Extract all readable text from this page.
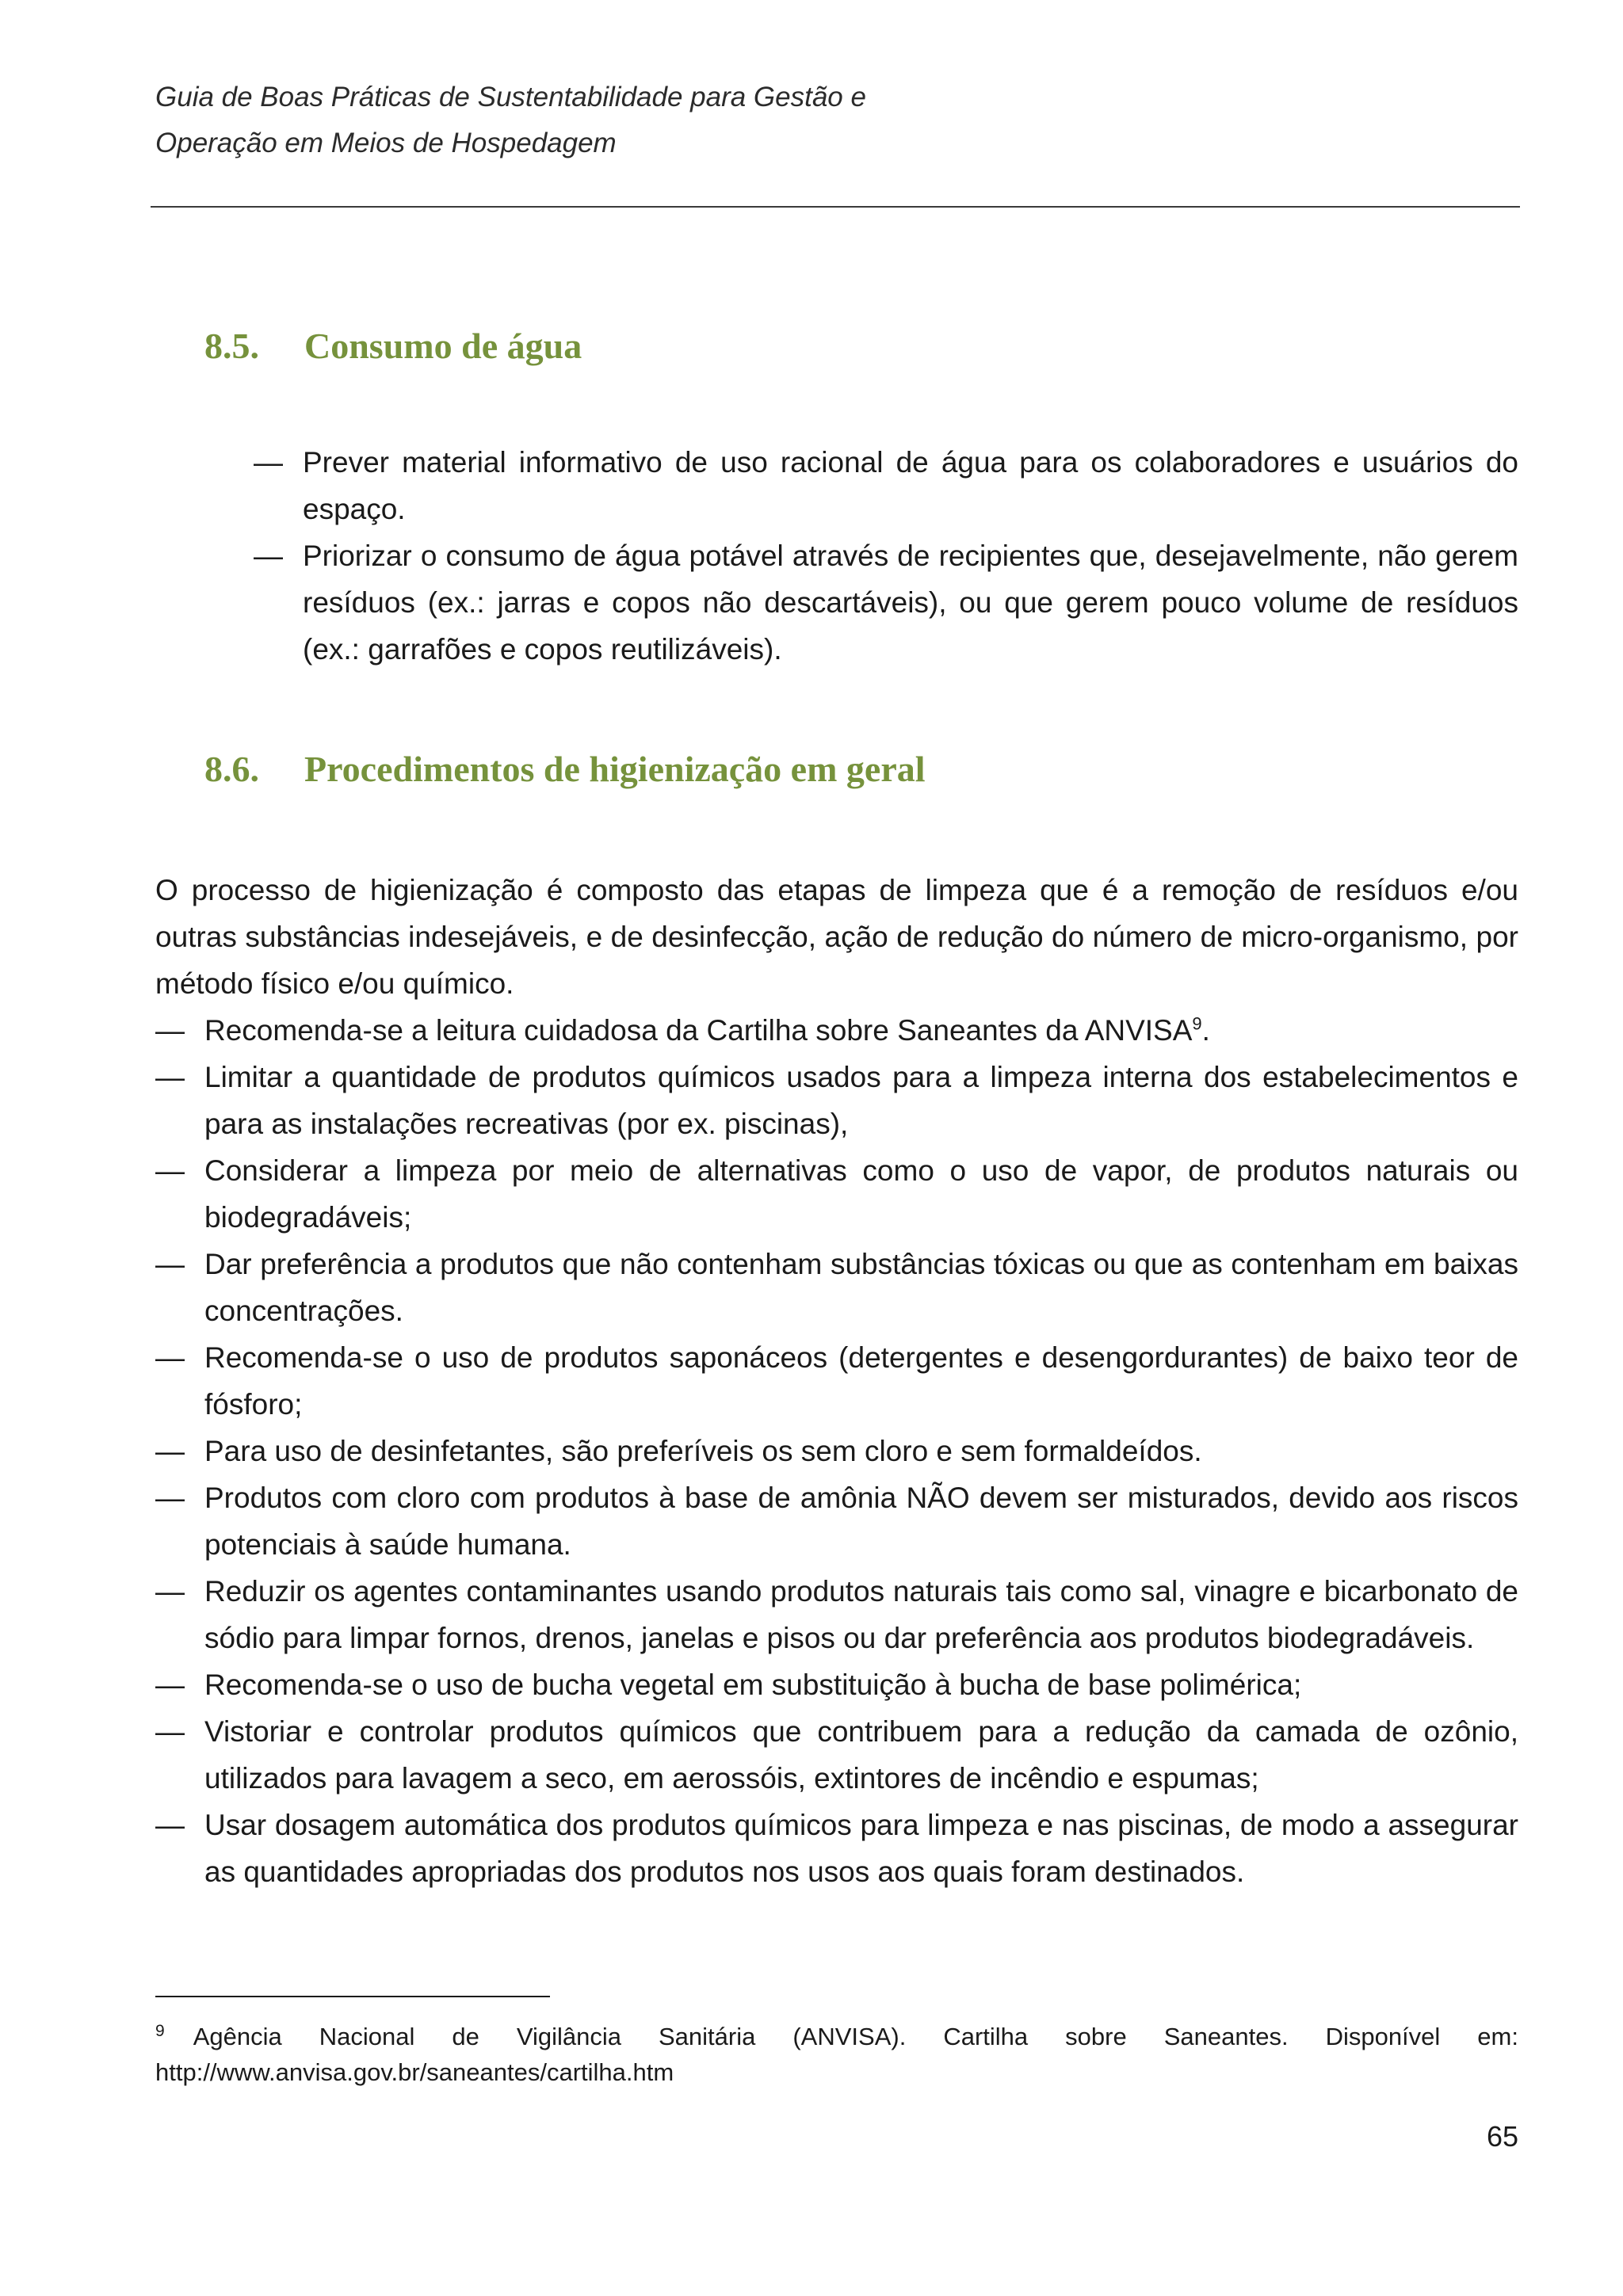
Guia de Boas Práticas de Sustentabilidade para Gestão e
Operação em Meios de Hospedagem
8.5. Consumo de água
— Prever material informativo de uso racional de água para os colaboradores e usuários do espaço.
— Priorizar o consumo de água potável através de recipientes que, desejavelmente, não gerem resíduos (ex.: jarras e copos não descartáveis), ou que gerem pouco volume de resíduos (ex.: garrafões e copos reutilizáveis).
8.6. Procedimentos de higienização em geral
O processo de higienização é composto das etapas de limpeza que é a remoção de resíduos e/ou outras substâncias indesejáveis, e de desinfecção, ação de redução do número de micro-organismo, por método físico e/ou químico.
— Recomenda-se a leitura cuidadosa da Cartilha sobre Saneantes da ANVISA$^9$.
— Limitar a quantidade de produtos químicos usados para a limpeza interna dos estabelecimentos e para as instalações recreativas (por ex. piscinas),
— Considerar a limpeza por meio de alternativas como o uso de vapor, de produtos naturais ou biodegradáveis;
— Dar preferência a produtos que não contenham substâncias tóxicas ou que as contenham em baixas concentrações.
— Recomenda-se o uso de produtos saponáceos (detergentes e desengordurantes) de baixo teor de fósforo;
— Para uso de desinfetantes, são preferíveis os sem cloro e sem formaldeídos.
— Produtos com cloro com produtos à base de amônia NÃO devem ser misturados, devido aos riscos potenciais à saúde humana.
— Reduzir os agentes contaminantes usando produtos naturais tais como sal, vinagre e bicarbonato de sódio para limpar fornos, drenos, janelas e pisos ou dar preferência aos produtos biodegradáveis.
— Recomenda-se o uso de bucha vegetal em substituição à bucha de base polimérica;
— Vistoriar e controlar produtos químicos que contribuem para a redução da camada de ozônio, utilizados para lavagem a seco, em aerossóis, extintores de incêndio e espumas;
— Usar dosagem automática dos produtos químicos para limpeza e nas piscinas, de modo a assegurar as quantidades apropriadas dos produtos nos usos aos quais foram destinados.
$^9$ Agência Nacional de Vigilância Sanitária (ANVISA). Cartilha sobre Saneantes. Disponível em:
http://www.anvisa.gov.br/saneantes/cartilha.htm
65
